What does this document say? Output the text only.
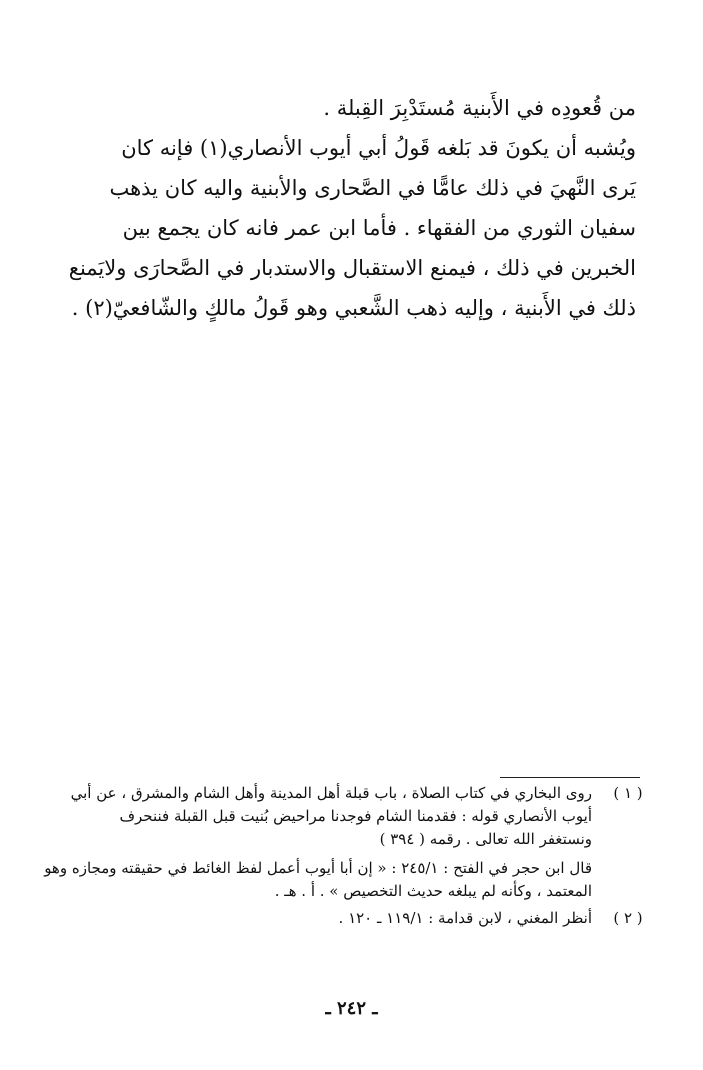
من قُعودِه في الأَبنية مُستَدْبِرَ القِبلة .
ويُشبه أن يكونَ قد بَلغه قَولُ أبي أيوب الأنصاري(١) فإنه كان
يَرى النَّهيَ في ذلك عامًّا في الصَّحارى والأبنية واليه كان يذهب
سفيان الثوري من الفقهاء . فأما ابن عمر فانه كان يجمع بين
الخبرين في ذلك ، فيمنع الاستقبال والاستدبار في الصَّحارَى ولايَمنع
ذلك في الأَبنية ، وإليه ذهب الشَّعبي وهو قَولُ مالكٍ والشّافعيّ(٢) .
( ١ )
روى البخاري في كتاب الصلاة ، باب قبلة أهل المدينة وأهل الشام والمشرق ، عن أبي
أيوب الأنصاري قوله : فقدمنا الشام فوجدنا مراحيض بُنيت قبل القبلة فننحرف
ونستغفر الله تعالى . رقمه ( ٣٩٤ )
قال ابن حجر في الفتح : ٢٤٥/١ : « إن أبا أيوب أعمل لفظ الغائط في حقيقته ومجازه وهو
المعتمد ، وكأنه لم يبلغه حديث التخصيص » . أ . هـ .
( ٢ )
أنظر المغني ، لابن قدامة : ١١٩/١ ـ ١٢٠ .
ـ ٢٤٢ ـ
